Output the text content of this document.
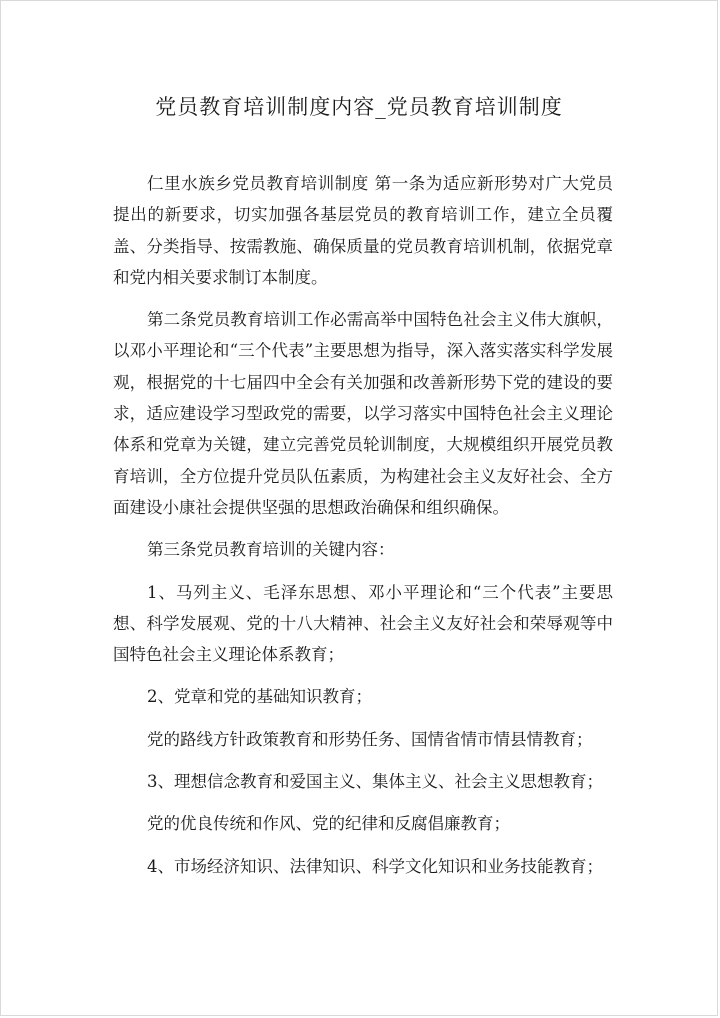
党员教育培训制度内容_党员教育培训制度

仁里水族乡党员教育培训制度 第一条为适应新形势对广大党员提出的新要求，切实加强各基层党员的教育培训工作，建立全员覆盖、分类指导、按需教施、确保质量的党员教育培训机制，依据党章和党内相关要求制订本制度。

第二条党员教育培训工作必需高举中国特色社会主义伟大旗帜，以邓小平理论和“三个代表”主要思想为指导，深入落实落实科学发展观，根据党的十七届四中全会有关加强和改善新形势下党的建设的要求，适应建设学习型政党的需要，以学习落实中国特色社会主义理论体系和党章为关键，建立完善党员轮训制度，大规模组织开展党员教育培训，全方位提升党员队伍素质，为构建社会主义友好社会、全方面建设小康社会提供坚强的思想政治确保和组织确保。

第三条党员教育培训的关键内容：

1、马列主义、毛泽东思想、邓小平理论和“三个代表”主要思想、科学发展观、党的十八大精神、社会主义友好社会和荣辱观等中国特色社会主义理论体系教育；

2、党章和党的基础知识教育；

党的路线方针政策教育和形势任务、国情省情市情县情教育；

3、理想信念教育和爱国主义、集体主义、社会主义思想教育；

党的优良传统和作风、党的纪律和反腐倡廉教育；

4、市场经济知识、法律知识、科学文化知识和业务技能教育；
